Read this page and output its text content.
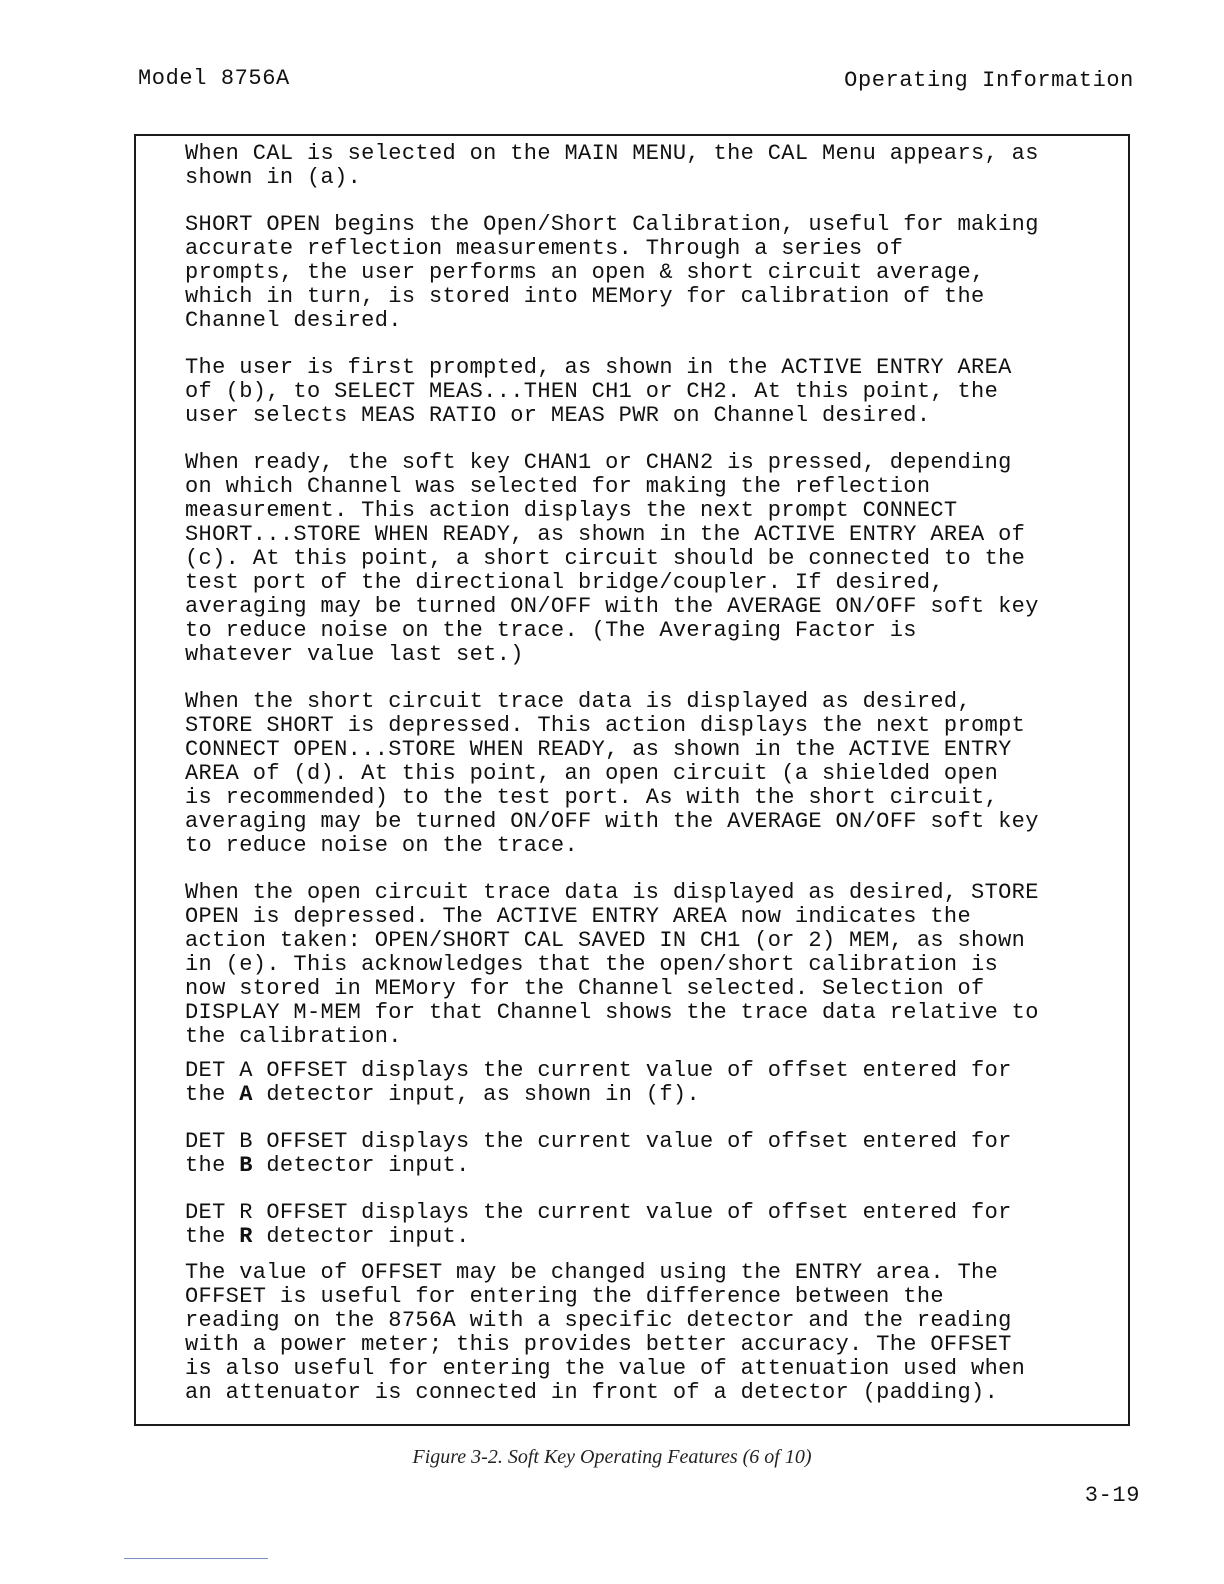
Model 8756A	Operating Information

When CAL is selected on the MAIN MENU, the CAL Menu appears, as
shown in (a).

SHORT OPEN begins the Open/Short Calibration, useful for making
accurate reflection measurements. Through a series of
prompts, the user performs an open & short circuit average,
which in turn, is stored into MEMory for calibration of the
Channel desired.

The user is first prompted, as shown in the ACTIVE ENTRY AREA
of (b), to SELECT MEAS...THEN CH1 or CH2. At this point, the
user selects MEAS RATIO or MEAS PWR on Channel desired.

When ready, the soft key CHAN1 or CHAN2 is pressed, depending
on which Channel was selected for making the reflection
measurement. This action displays the next prompt CONNECT
SHORT...STORE WHEN READY, as shown in the ACTIVE ENTRY AREA of
(c). At this point, a short circuit should be connected to the
test port of the directional bridge/coupler. If desired,
averaging may be turned ON/OFF with the AVERAGE ON/OFF soft key
to reduce noise on the trace. (The Averaging Factor is
whatever value last set.)

When the short circuit trace data is displayed as desired,
STORE SHORT is depressed. This action displays the next prompt
CONNECT OPEN...STORE WHEN READY, as shown in the ACTIVE ENTRY
AREA of (d). At this point, an open circuit (a shielded open
is recommended) to the test port. As with the short circuit,
averaging may be turned ON/OFF with the AVERAGE ON/OFF soft key
to reduce noise on the trace.

When the open circuit trace data is displayed as desired, STORE
OPEN is depressed. The ACTIVE ENTRY AREA now indicates the
action taken: OPEN/SHORT CAL SAVED IN CH1 (or 2) MEM, as shown
in (e). This acknowledges that the open/short calibration is
now stored in MEMory for the Channel selected. Selection of
DISPLAY M-MEM for that Channel shows the trace data relative to
the calibration.

DET A OFFSET displays the current value of offset entered for
the A detector input, as shown in (f).

DET B OFFSET displays the current value of offset entered for
the B detector input.

DET R OFFSET displays the current value of offset entered for
the R detector input.

The value of OFFSET may be changed using the ENTRY area. The
OFFSET is useful for entering the difference between the
reading on the 8756A with a specific detector and the reading
with a power meter; this provides better accuracy. The OFFSET
is also useful for entering the value of attenuation used when
an attenuator is connected in front of a detector (padding).

Figure 3-2. Soft Key Operating Features (6 of 10)
3-19
